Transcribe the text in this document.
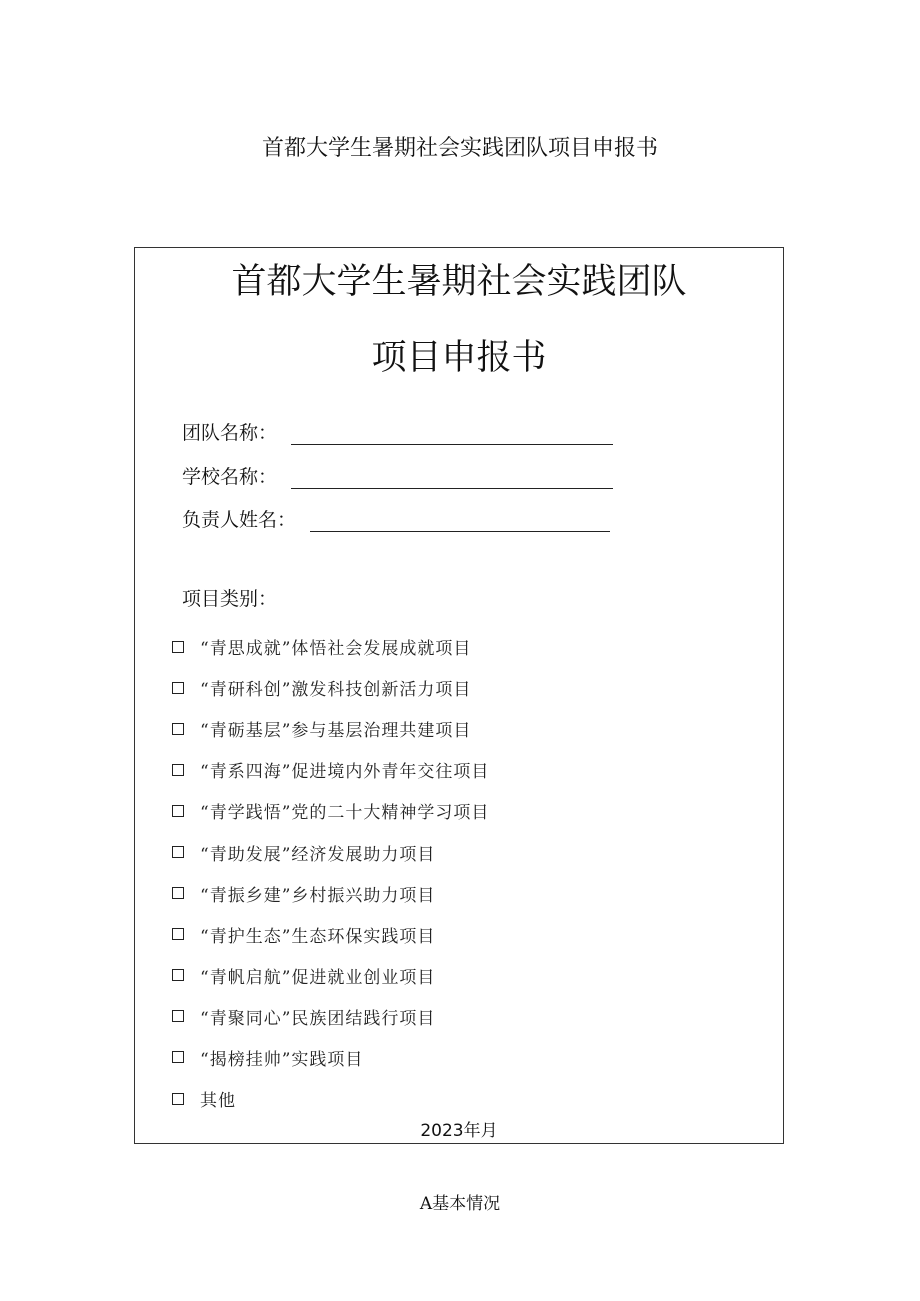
首都大学生暑期社会实践团队项目申报书
首都大学生暑期社会实践团队
项目申报书
团队名称：
学校名称：
负责人姓名：
项目类别：
“青思成就”体悟社会发展成就项目
“青研科创”激发科技创新活力项目
“青砺基层”参与基层治理共建项目
“青系四海”促进境内外青年交往项目
“青学践悟”党的二十大精神学习项目
“青助发展”经济发展助力项目
“青振乡建”乡村振兴助力项目
“青护生态”生态环保实践项目
“青帆启航”促进就业创业项目
“青聚同心”民族团结践行项目
“揭榜挂帅”实践项目
其他
2023年月
A基本情况
